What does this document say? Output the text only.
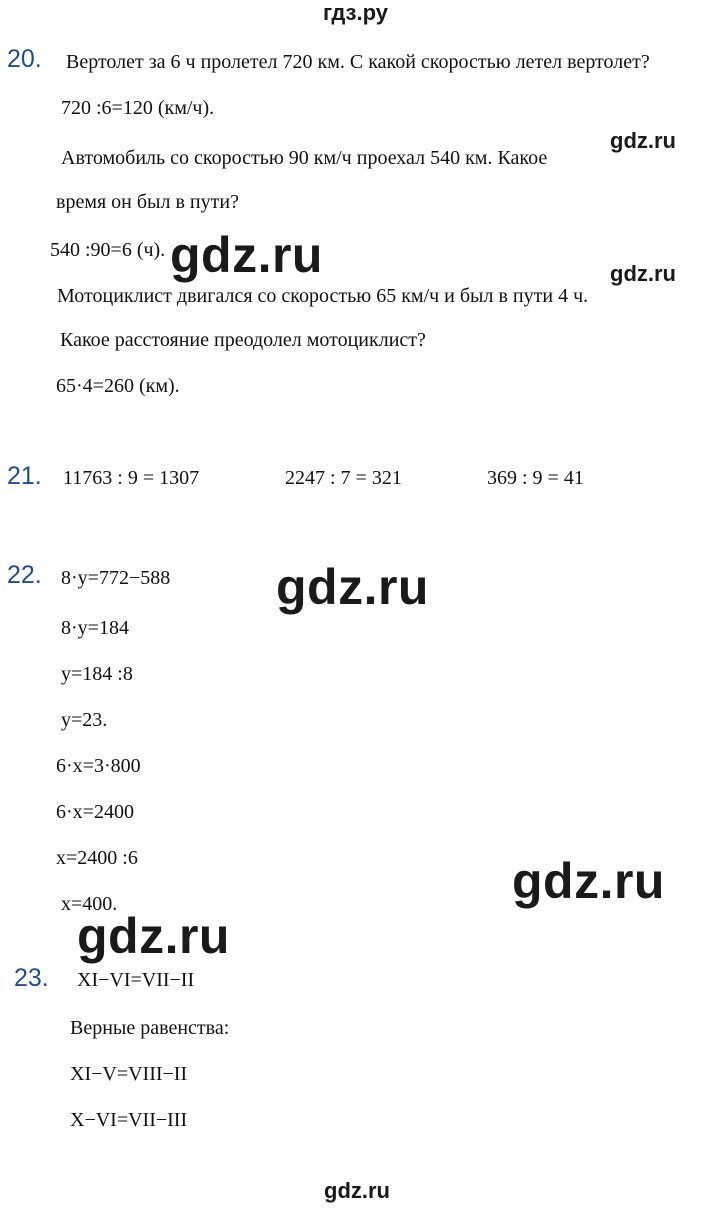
гдз.ру
20. Вертолет за 6 ч пролетел 720 км. С какой скоростью летел вертолет?
720 :6=120 (км/ч).
gdz.ru
Автомобиль со скоростью 90 км/ч проехал 540 км. Какое
время он был в пути?
540 :90=6 (ч). gdz.ru	gdz.ru
Мотоциклист двигался со скоростью 65 км/ч и был в пути 4 ч.
Какое расстояние преодолел мотоциклист?
65·4=260 (км).
21. 11763 : 9 = 1307	2247 : 7 = 321	369 : 9 = 41
22. 8·y=772−588 gdz.ru
8·y=184
y=184 :8
y=23.
6·x=3·800
6·x=2400
x=2400 :6	gdz.ru
x=400.
gdz.ru
23. XI−VI=VII−II
Верные равенства:
XI−V=VIII−II
X−VI=VII−III
gdz.ru
